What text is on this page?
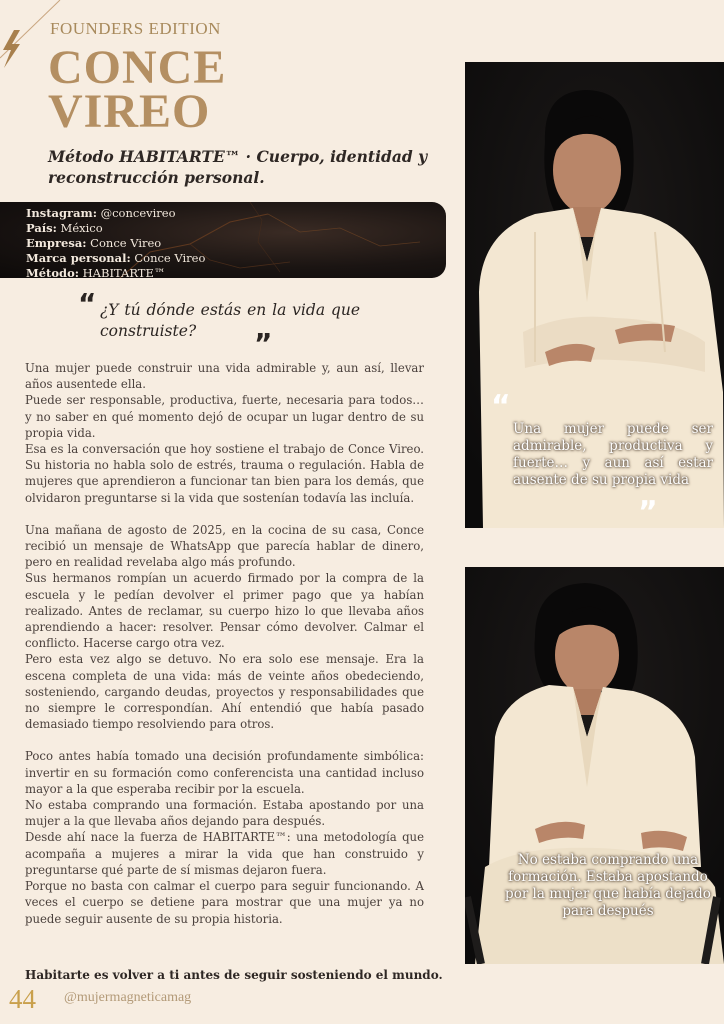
FOUNDERS EDITION
CONCE
VIREO
Método HABITARTE™ · Cuerpo, identidad y reconstrucción personal.
Instagram: @concevireo
País: México
Empresa: Conce Vireo
Marca personal: Conce Vireo
Método: HABITARTE™
“ ¿Y tú dónde estás en la vida que construiste?	”

Una mujer puede construir una vida admirable y, aun así, llevar años ausentede ella.

Puede ser responsable, productiva, fuerte, necesaria para todos… y no saber en qué momento dejó de ocupar un lugar dentro de su propia vida.

Esa es la conversación que hoy sostiene el trabajo de Conce Vireo. Su historia no habla solo de estrés, trauma o regulación. Habla de mujeres que aprendieron a funcionar tan bien para los demás, que olvidaron preguntarse si la vida que sostenían todavía las incluía.

Una mañana de agosto de 2025, en la cocina de su casa, Conce recibió un mensaje de WhatsApp que parecía hablar de dinero, pero en realidad revelaba algo más profundo.

Sus hermanos rompían un acuerdo firmado por la compra de la escuela y le pedían devolver el primer pago que ya habían realizado. Antes de reclamar, su cuerpo hizo lo que llevaba años aprendiendo a hacer: resolver. Pensar cómo devolver. Calmar el conflicto. Hacerse cargo otra vez.

Pero esta vez algo se detuvo. No era solo ese mensaje. Era la escena completa de una vida: más de veinte años obedeciendo, sosteniendo, cargando deudas, proyectos y responsabilidades que no siempre le correspondían. Ahí entendió que había pasado demasiado tiempo resolviendo para otros.

Poco antes había tomado una decisión profundamente simbólica: invertir en su formación como conferencista una cantidad incluso mayor a la que esperaba recibir por la escuela.

No estaba comprando una formación. Estaba apostando por una mujer a la que llevaba años dejando para después.

Desde ahí nace la fuerza de HABITARTE™: una metodología que acompaña a mujeres a mirar la vida que han construido y preguntarse qué parte de sí mismas dejaron fuera.

Porque no basta con calmar el cuerpo para seguir funcionando. A veces el cuerpo se detiene para mostrar que una mujer ya no puede seguir ausente de su propia historia.

Habitarte es volver a ti antes de seguir sosteniendo el mundo.
44 @mujermagneticamag
“
Una mujer puede ser admirable, productiva y fuerte… y aun así estar ausente de su propia vida
”
No estaba comprando una formación. Estaba apostando por la mujer que había dejado para después
